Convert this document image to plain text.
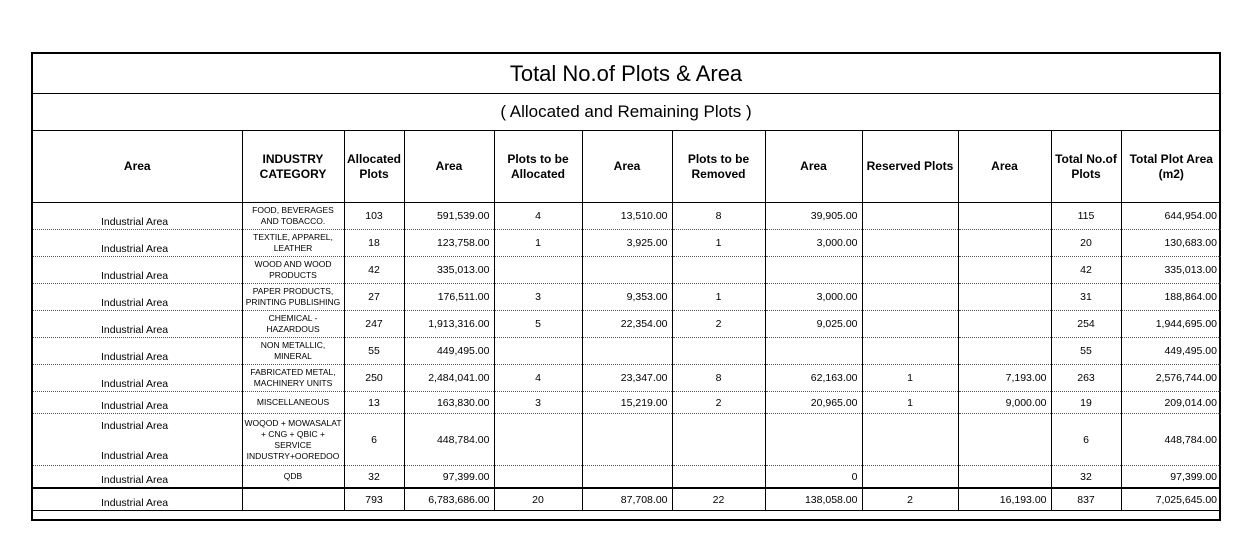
Total No.of Plots & Area
( Allocated and Remaining Plots )
Area	INDUSTRY CATEGORY	Allocated Plots	Area	Plots to be Allocated	Area	Plots to be Removed	Area	Reserved Plots	Area	Total No.of Plots	Total Plot Area (m2)
Industrial Area	FOOD, BEVERAGES AND TOBACCO.	103	591,539.00	4	13,510.00	8	39,905.00			115	644,954.00
Industrial Area	TEXTILE, APPAREL, LEATHER	18	123,758.00	1	3,925.00	1	3,000.00			20	130,683.00
Industrial Area	WOOD AND WOOD PRODUCTS	42	335,013.00							42	335,013.00
Industrial Area	PAPER PRODUCTS, PRINTING PUBLISHING	27	176,511.00	3	9,353.00	1	3,000.00			31	188,864.00
Industrial Area	CHEMICAL - HAZARDOUS	247	1,913,316.00	5	22,354.00	2	9,025.00			254	1,944,695.00
Industrial Area	NON METALLIC, MINERAL	55	449,495.00							55	449,495.00
Industrial Area	FABRICATED METAL, MACHINERY UNITS	250	2,484,041.00	4	23,347.00	8	62,163.00	1	7,193.00	263	2,576,744.00
Industrial Area	MISCELLANEOUS	13	163,830.00	3	15,219.00	2	20,965.00	1	9,000.00	19	209,014.00

Industrial Area
Industrial Area	WOQOD + MOWASALAT + CNG + QBIC + SERVICE INDUSTRY+OOREDOO	6	448,784.00							6	448,784.00
Industrial Area	QDB	32	97,399.00				0			32	97,399.00
Industrial Area		793	6,783,686.00	20	87,708.00	22	138,058.00	2	16,193.00	837	7,025,645.00
